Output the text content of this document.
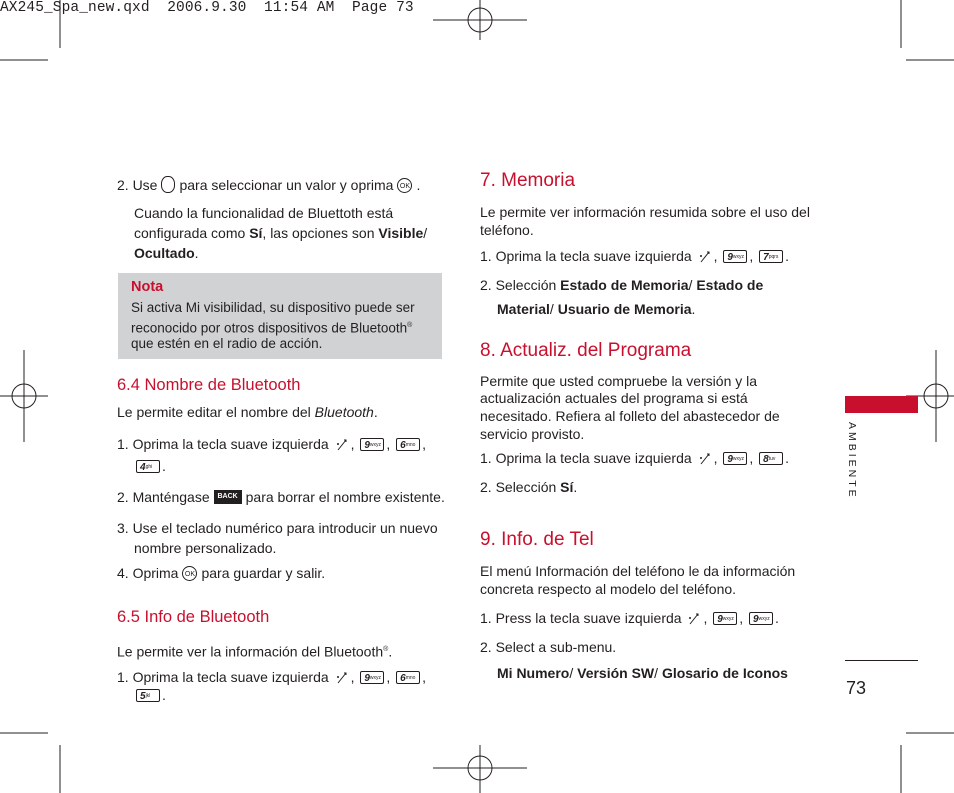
AX245_Spa_new.qxd  2006.9.30  11:54 AM  Page 73
2. Use para seleccionar un valor y oprima OK .
Cuando la funcionalidad de Bluettoth está
configurada como Sí, las opciones son Visible/
Ocultado.
Nota
Si activa Mi visibilidad, su dispositivo puede ser
reconocido por otros dispositivos de Bluetooth®
que estén en el radio de acción.
6.4 Nombre de Bluetooth
Le permite editar el nombre del Bluetooth.
1. Oprima la tecla suave izquierda , $9^{wxyz}$ , $6^{mno}$ ,
$4^{ghi}$ .
2. Manténgase BACK para borrar el nombre existente.
3. Use el teclado numérico para introducir un nuevo
nombre personalizado.
4. Oprima OK para guardar y salir.
6.5 Info de Bluetooth
Le permite ver la información del Bluetooth®.
1. Oprima la tecla suave izquierda , $9^{wxyz}$ , $6^{mno}$ ,
$5^{jkl}$ .
7. Memoria
Le permite ver información resumida sobre el uso del
teléfono.
1. Oprima la tecla suave izquierda , $9^{wxyz}$ , $7^{pqrs}$ .
2. Selección Estado de Memoria/ Estado de
Material/ Usuario de Memoria.
8. Actualiz. del Programa
Permite que usted compruebe la versión y la
actualización actuales del programa si está
necesitado. Refiera al folleto del abastecedor de
servicio provisto.
1. Oprima la tecla suave izquierda , $9^{wxyz}$ , $8^{tuv}$ .
2. Selección Sí.
9. Info. de Tel
El menú Información del teléfono le da información
concreta respecto al modelo del teléfono.
1. Press la tecla suave izquierda , $9^{wxyz}$ , $9^{wxyz}$ .
2. Select a sub-menu.
Mi Numero/ Versión SW/ Glosario de Iconos
AMBIENTE
73
